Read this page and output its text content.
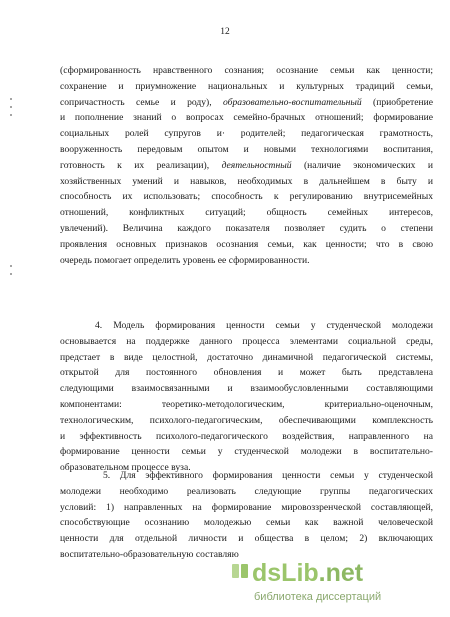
12
(сформированность нравственного сознания; осознание семьи как ценности;
сохранение и приумножение национальных и культурных традиций семьи,
сопричастность семье и роду), образовательно-воспитательный (приобретение
и пополнение знаний о вопросах семейно-брачных отношений; формирование
социальных ролей супругов и· родителей; педагогическая грамотность,
вооруженность передовым опытом и новыми технологиями воспитания,
готовность к их реализации), деятельностный (наличие экономических и
хозяйственных умений и навыков, необходимых в дальнейшем в быту и
способность их использовать; способность к регулированию внутрисемейных
отношений, конфликтных ситуаций; общность семейных интересов,
увлечений). Величина каждого показателя позволяет судить о степени
проявления основных признаков осознания семьи, как ценности; что в свою
очередь помогает определить уровень ее сформированности.
4. Модель формирования ценности семьи у студенческой молодежи
основывается на поддержке данного процесса элементами социальной среды,
предстает в виде целостной, достаточно динамичной педагогической системы,
открытой для постоянного обновления и может быть представлена
следующими взаимосвязанными и взаимообусловленными составляющими
компонентами: теоретико-методологическим, критериально-оценочным,
технологическим, психолого-педагогическим, обеспечивающими комплексность
и эффективность психолого-педагогического воздействия, направленного на
формирование ценности семьи у студенческой молодежи в воспитательно-
образовательном процессе вуза.
5. Для эффективного формирования ценности семьи у студенческой
молодежи необходимо реализовать следующие группы педагогических
условий: 1) направленных на формирование мировоззренческой составляющей,
способствующие осознанию молодежью семьи как важной человеческой
ценности для отдельной личности и общества в целом; 2) включающих
воспитательно-образовательную составляю
dsLib.net
библиотека диссертаций
